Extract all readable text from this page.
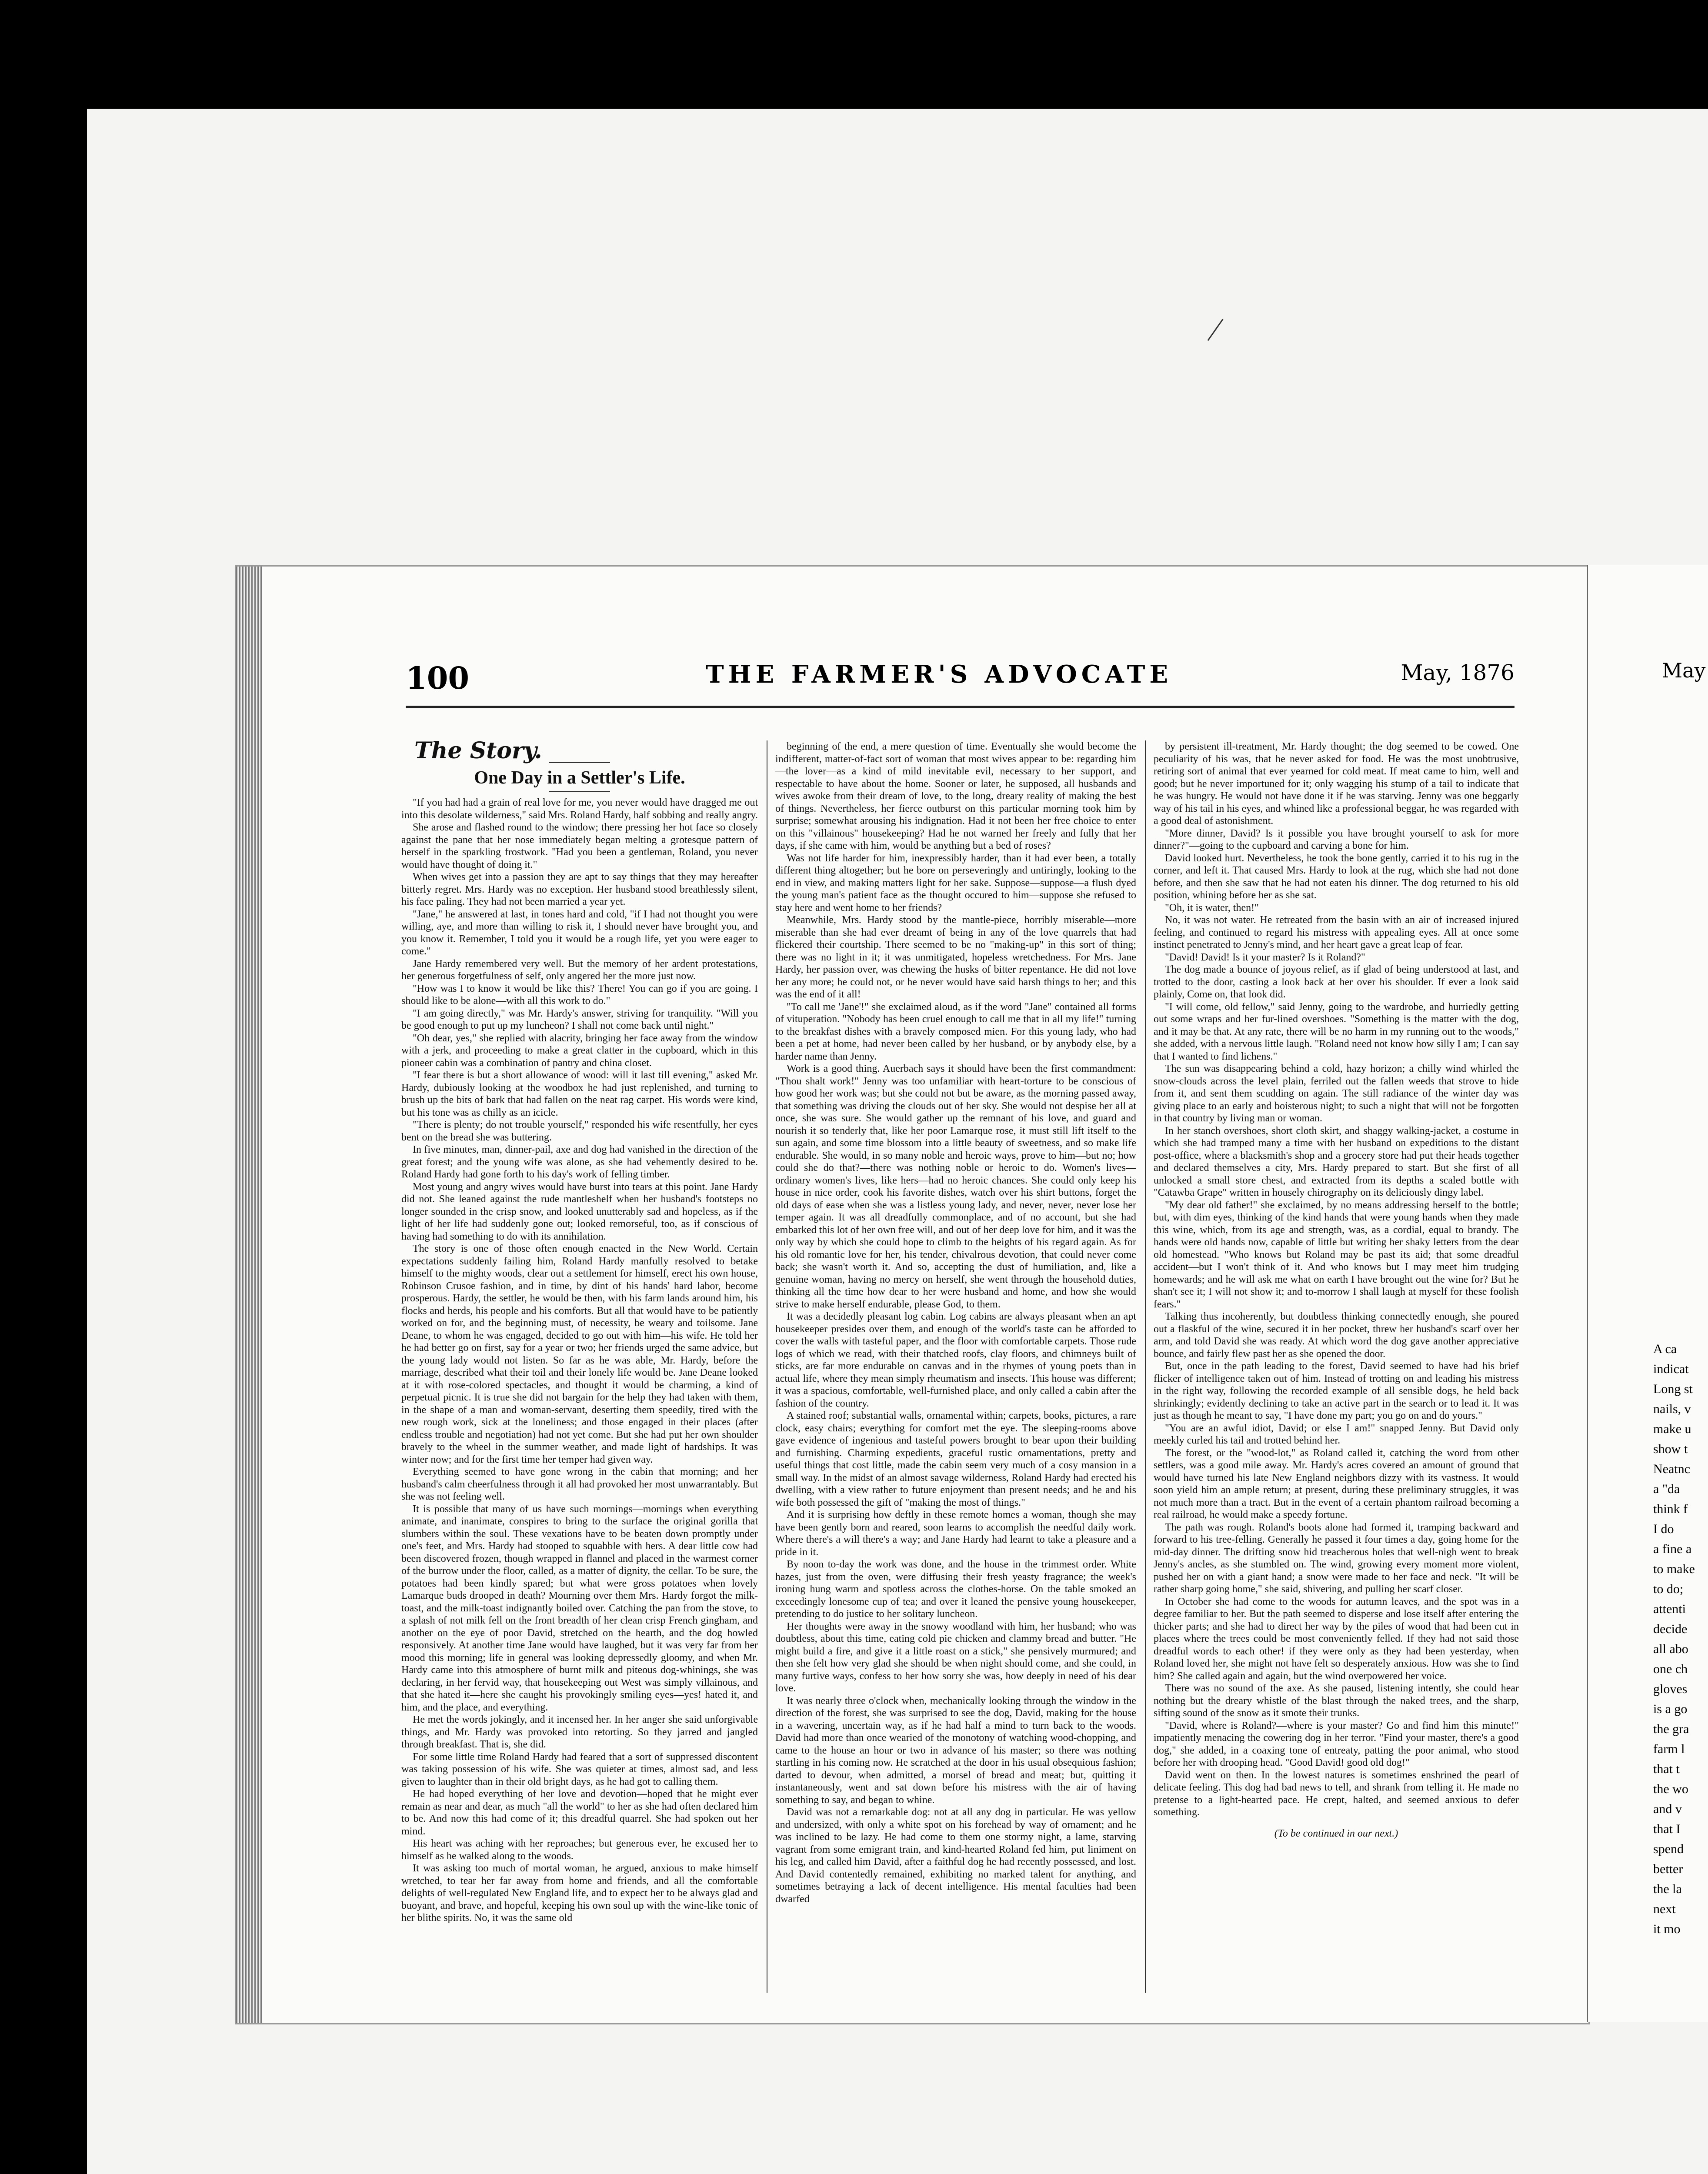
100	THE FARMER'S ADVOCATE	May, 1876
The Story.
One Day in a Settler's Life.

"If you had had a grain of real love for me, you never would have dragged me out into this desolate wilderness," said Mrs. Roland Hardy, half sobbing and really angry.

She arose and flashed round to the window; there pressing her hot face so closely against the pane that her nose immediately began melting a grotesque pattern of herself in the sparkling frostwork. "Had you been a gentleman, Roland, you never would have thought of doing it."

When wives get into a passion they are apt to say things that they may hereafter bitterly regret. Mrs. Hardy was no exception. Her husband stood breathlessly silent, his face paling. They had not been married a year yet.

"Jane," he answered at last, in tones hard and cold, "if I had not thought you were willing, aye, and more than willing to risk it, I should never have brought you, and you know it. Remember, I told you it would be a rough life, yet you were eager to come."

Jane Hardy remembered very well. But the memory of her ardent protestations, her generous forgetfulness of self, only angered her the more just now.

"How was I to know it would be like this? There! You can go if you are going. I should like to be alone—with all this work to do."

"I am going directly," was Mr. Hardy's answer, striving for tranquility. "Will you be good enough to put up my luncheon? I shall not come back until night."

"Oh dear, yes," she replied with alacrity, bringing her face away from the window with a jerk, and proceeding to make a great clatter in the cupboard, which in this pioneer cabin was a combination of pantry and china closet.

"I fear there is but a short allowance of wood: will it last till evening," asked Mr. Hardy, dubiously looking at the woodbox he had just replenished, and turning to brush up the bits of bark that had fallen on the neat rag carpet. His words were kind, but his tone was as chilly as an icicle.

"There is plenty; do not trouble yourself," responded his wife resentfully, her eyes bent on the bread she was buttering.

In five minutes, man, dinner-pail, axe and dog had vanished in the direction of the great forest; and the young wife was alone, as she had vehemently desired to be. Roland Hardy had gone forth to his day's work of felling timber.

Most young and angry wives would have burst into tears at this point. Jane Hardy did not. She leaned against the rude mantleshelf when her husband's footsteps no longer sounded in the crisp snow, and looked unutterably sad and hopeless, as if the light of her life had suddenly gone out; looked remorseful, too, as if conscious of having had something to do with its annihilation.

The story is one of those often enough enacted in the New World. Certain expectations suddenly failing him, Roland Hardy manfully resolved to betake himself to the mighty woods, clear out a settlement for himself, erect his own house, Robinson Crusoe fashion, and in time, by dint of his hands' hard labor, become prosperous. Hardy, the settler, he would be then, with his farm lands around him, his flocks and herds, his people and his comforts. But all that would have to be patiently worked on for, and the beginning must, of necessity, be weary and toilsome. Jane Deane, to whom he was engaged, decided to go out with him—his wife. He told her he had better go on first, say for a year or two; her friends urged the same advice, but the young lady would not listen. So far as he was able, Mr. Hardy, before the marriage, described what their toil and their lonely life would be. Jane Deane looked at it with rose-colored spectacles, and thought it would be charming, a kind of perpetual picnic. It is true she did not bargain for the help they had taken with them, in the shape of a man and woman-servant, deserting them speedily, tired with the new rough work, sick at the loneliness; and those engaged in their places (after endless trouble and negotiation) had not yet come. But she had put her own shoulder bravely to the wheel in the summer weather, and made light of hardships. It was winter now; and for the first time her temper had given way.

Everything seemed to have gone wrong in the cabin that morning; and her husband's calm cheerfulness through it all had provoked her most unwarrantably. But she was not feeling well.

It is possible that many of us have such mornings—mornings when everything animate, and inanimate, conspires to bring to the surface the original gorilla that slumbers within the soul. These vexations have to be beaten down promptly under one's feet, and Mrs. Hardy had stooped to squabble with hers. A dear little cow had been discovered frozen, though wrapped in flannel and placed in the warmest corner of the burrow under the floor, called, as a matter of dignity, the cellar. To be sure, the potatoes had been kindly spared; but what were gross potatoes when lovely Lamarque buds drooped in death? Mourning over them Mrs. Hardy forgot the milk-toast, and the milk-toast indignantly boiled over. Catching the pan from the stove, to a splash of not milk fell on the front breadth of her clean crisp French gingham, and another on the eye of poor David, stretched on the hearth, and the dog howled responsively. At another time Jane would have laughed, but it was very far from her mood this morning; life in general was looking depressedly gloomy, and when Mr. Hardy came into this atmosphere of burnt milk and piteous dog-whinings, she was declaring, in her fervid way, that housekeeping out West was simply villainous, and that she hated it—here she caught his provokingly smiling eyes—yes! hated it, and him, and the place, and everything.

He met the words jokingly, and it incensed her. In her anger she said unforgivable things, and Mr. Hardy was provoked into retorting. So they jarred and jangled through breakfast. That is, she did.

For some little time Roland Hardy had feared that a sort of suppressed discontent was taking possession of his wife. She was quieter at times, almost sad, and less given to laughter than in their old bright days, as he had got to calling them.

He had hoped everything of her love and devotion—hoped that he might ever remain as near and dear, as much "all the world" to her as she had often declared him to be. And now this had come of it; this dreadful quarrel. She had spoken out her mind.

His heart was aching with her reproaches; but generous ever, he excused her to himself as he walked along to the woods.

It was asking too much of mortal woman, he argued, anxious to make himself wretched, to tear her far away from home and friends, and all the comfortable delights of well-regulated New England life, and to expect her to be always glad and buoyant, and brave, and hopeful, keeping his own soul up with the wine-like tonic of her blithe spirits. No, it was the same old

beginning of the end, a mere question of time. Eventually she would become the indifferent, matter-of-fact sort of woman that most wives appear to be: regarding him—the lover—as a kind of mild inevitable evil, necessary to her support, and respectable to have about the home. Sooner or later, he supposed, all husbands and wives awoke from their dream of love, to the long, dreary reality of making the best of things. Nevertheless, her fierce outburst on this particular morning took him by surprise; somewhat arousing his indignation. Had it not been her free choice to enter on this "villainous" housekeeping? Had he not warned her freely and fully that her days, if she came with him, would be anything but a bed of roses?

Was not life harder for him, inexpressibly harder, than it had ever been, a totally different thing altogether; but he bore on perseveringly and untiringly, looking to the end in view, and making matters light for her sake. Suppose—suppose—a flush dyed the young man's patient face as the thought occured to him—suppose she refused to stay here and went home to her friends?

Meanwhile, Mrs. Hardy stood by the mantle-piece, horribly miserable—more miserable than she had ever dreamt of being in any of the love quarrels that had flickered their courtship. There seemed to be no "making-up" in this sort of thing; there was no light in it; it was unmitigated, hopeless wretchedness. For Mrs. Jane Hardy, her passion over, was chewing the husks of bitter repentance. He did not love her any more; he could not, or he never would have said harsh things to her; and this was the end of it all!

"To call me 'Jane'!" she exclaimed aloud, as if the word "Jane" contained all forms of vituperation. "Nobody has been cruel enough to call me that in all my life!" turning to the breakfast dishes with a bravely composed mien. For this young lady, who had been a pet at home, had never been called by her husband, or by anybody else, by a harder name than Jenny.

Work is a good thing. Auerbach says it should have been the first commandment: "Thou shalt work!" Jenny was too unfamiliar with heart-torture to be conscious of how good her work was; but she could not but be aware, as the morning passed away, that something was driving the clouds out of her sky. She would not despise her all at once, she was sure. She would gather up the remnant of his love, and guard and nourish it so tenderly that, like her poor Lamarque rose, it must still lift itself to the sun again, and some time blossom into a little beauty of sweetness, and so make life endurable. She would, in so many noble and heroic ways, prove to him—but no; how could she do that?—there was nothing noble or heroic to do. Women's lives—ordinary women's lives, like hers—had no heroic chances. She could only keep his house in nice order, cook his favorite dishes, watch over his shirt buttons, forget the old days of ease when she was a listless young lady, and never, never, never lose her temper again. It was all dreadfully commonplace, and of no account, but she had embarked this lot of her own free will, and out of her deep love for him, and it was the only way by which she could hope to climb to the heights of his regard again. As for his old romantic love for her, his tender, chivalrous devotion, that could never come back; she wasn't worth it. And so, accepting the dust of humiliation, and, like a genuine woman, having no mercy on herself, she went through the household duties, thinking all the time how dear to her were husband and home, and how she would strive to make herself endurable, please God, to them.

It was a decidedly pleasant log cabin. Log cabins are always pleasant when an apt housekeeper presides over them, and enough of the world's taste can be afforded to cover the walls with tasteful paper, and the floor with comfortable carpets. Those rude logs of which we read, with their thatched roofs, clay floors, and chimneys built of sticks, are far more endurable on canvas and in the rhymes of young poets than in actual life, where they mean simply rheumatism and insects. This house was different; it was a spacious, comfortable, well-furnished place, and only called a cabin after the fashion of the country.

A stained roof; substantial walls, ornamental within; carpets, books, pictures, a rare clock, easy chairs; everything for comfort met the eye. The sleeping-rooms above gave evidence of ingenious and tasteful powers brought to bear upon their building and furnishing. Charming expedients, graceful rustic ornamentations, pretty and useful things that cost little, made the cabin seem very much of a cosy mansion in a small way. In the midst of an almost savage wilderness, Roland Hardy had erected his dwelling, with a view rather to future enjoyment than present needs; and he and his wife both possessed the gift of "making the most of things."

And it is surprising how deftly in these remote homes a woman, though she may have been gently born and reared, soon learns to accomplish the needful daily work. Where there's a will there's a way; and Jane Hardy had learnt to take a pleasure and a pride in it.

By noon to-day the work was done, and the house in the trimmest order. White hazes, just from the oven, were diffusing their fresh yeasty fragrance; the week's ironing hung warm and spotless across the clothes-horse. On the table smoked an exceedingly lonesome cup of tea; and over it leaned the pensive young housekeeper, pretending to do justice to her solitary luncheon.

Her thoughts were away in the snowy woodland with him, her husband; who was doubtless, about this time, eating cold pie chicken and clammy bread and butter. "He might build a fire, and give it a little roast on a stick," she pensively murmured; and then she felt how very glad she should be when night should come, and she could, in many furtive ways, confess to her how sorry she was, how deeply in need of his dear love.

It was nearly three o'clock when, mechanically looking through the window in the direction of the forest, she was surprised to see the dog, David, making for the house in a wavering, uncertain way, as if he had half a mind to turn back to the woods. David had more than once wearied of the monotony of watching wood-chopping, and came to the house an hour or two in advance of his master; so there was nothing startling in his coming now. He scratched at the door in his usual obsequious fashion; darted to devour, when admitted, a morsel of bread and meat; but, quitting it instantaneously, went and sat down before his mistress with the air of having something to say, and began to whine.

David was not a remarkable dog: not at all any dog in particular. He was yellow and undersized, with only a white spot on his forehead by way of ornament; and he was inclined to be lazy. He had come to them one stormy night, a lame, starving vagrant from some emigrant train, and kind-hearted Roland fed him, put liniment on his leg, and called him David, after a faithful dog he had recently possessed, and lost. And David contentedly remained, exhibiting no marked talent for anything, and sometimes betraying a lack of decent intelligence. His mental faculties had been dwarfed

by persistent ill-treatment, Mr. Hardy thought; the dog seemed to be cowed. One peculiarity of his was, that he never asked for food. He was the most unobtrusive, retiring sort of animal that ever yearned for cold meat. If meat came to him, well and good; but he never importuned for it; only wagging his stump of a tail to indicate that he was hungry. He would not have done it if he was starving. Jenny was one beggarly way of his tail in his eyes, and whined like a professional beggar, he was regarded with a good deal of astonishment.

"More dinner, David? Is it possible you have brought yourself to ask for more dinner?"—going to the cupboard and carving a bone for him.

David looked hurt. Nevertheless, he took the bone gently, carried it to his rug in the corner, and left it. That caused Mrs. Hardy to look at the rug, which she had not done before, and then she saw that he had not eaten his dinner. The dog returned to his old position, whining before her as she sat.

"Oh, it is water, then!"

No, it was not water. He retreated from the basin with an air of increased injured feeling, and continued to regard his mistress with appealing eyes. All at once some instinct penetrated to Jenny's mind, and her heart gave a great leap of fear.

"David! David! Is it your master? Is it Roland?"

The dog made a bounce of joyous relief, as if glad of being understood at last, and trotted to the door, casting a look back at her over his shoulder. If ever a look said plainly, Come on, that look did.

"I will come, old fellow," said Jenny, going to the wardrobe, and hurriedly getting out some wraps and her fur-lined overshoes. "Something is the matter with the dog, and it may be that. At any rate, there will be no harm in my running out to the woods," she added, with a nervous little laugh. "Roland need not know how silly I am; I can say that I wanted to find lichens."

The sun was disappearing behind a cold, hazy horizon; a chilly wind whirled the snow-clouds across the level plain, ferriled out the fallen weeds that strove to hide from it, and sent them scudding on again. The still radiance of the winter day was giving place to an early and boisterous night; to such a night that will not be forgotten in that country by living man or woman.

In her stanch overshoes, short cloth skirt, and shaggy walking-jacket, a costume in which she had tramped many a time with her husband on expeditions to the distant post-office, where a blacksmith's shop and a grocery store had put their heads together and declared themselves a city, Mrs. Hardy prepared to start. But she first of all unlocked a small store chest, and extracted from its depths a scaled bottle with "Catawba Grape" written in housely chirography on its deliciously dingy label.

"My dear old father!" she exclaimed, by no means addressing herself to the bottle; but, with dim eyes, thinking of the kind hands that were young hands when they made this wine, which, from its age and strength, was, as a cordial, equal to brandy. The hands were old hands now, capable of little but writing her shaky letters from the dear old homestead. "Who knows but Roland may be past its aid; that some dreadful accident—but I won't think of it. And who knows but I may meet him trudging homewards; and he will ask me what on earth I have brought out the wine for? But he shan't see it; I will not show it; and to-morrow I shall laugh at myself for these foolish fears."

Talking thus incoherently, but doubtless thinking connectedly enough, she poured out a flaskful of the wine, secured it in her pocket, threw her husband's scarf over her arm, and told David she was ready. At which word the dog gave another appreciative bounce, and fairly flew past her as she opened the door.

But, once in the path leading to the forest, David seemed to have had his brief flicker of intelligence taken out of him. Instead of trotting on and leading his mistress in the right way, following the recorded example of all sensible dogs, he held back shrinkingly; evidently declining to take an active part in the search or to lead it. It was just as though he meant to say, "I have done my part; you go on and do yours."

"You are an awful idiot, David; or else I am!" snapped Jenny. But David only meekly curled his tail and trotted behind her.

The forest, or the "wood-lot," as Roland called it, catching the word from other settlers, was a good mile away. Mr. Hardy's acres covered an amount of ground that would have turned his late New England neighbors dizzy with its vastness. It would soon yield him an ample return; at present, during these preliminary struggles, it was not much more than a tract. But in the event of a certain phantom railroad becoming a real railroad, he would make a speedy fortune.

The path was rough. Roland's boots alone had formed it, tramping backward and forward to his tree-felling. Generally he passed it four times a day, going home for the mid-day dinner. The drifting snow hid treacherous holes that well-nigh went to break Jenny's ancles, as she stumbled on. The wind, growing every moment more violent, pushed her on with a giant hand; a snow were made to her face and neck. "It will be rather sharp going home," she said, shivering, and pulling her scarf closer.

In October she had come to the woods for autumn leaves, and the spot was in a degree familiar to her. But the path seemed to disperse and lose itself after entering the thicker parts; and she had to direct her way by the piles of wood that had been cut in places where the trees could be most conveniently felled. If they had not said those dreadful words to each other! if they were only as they had been yesterday, when Roland loved her, she might not have felt so desperately anxious. How was she to find him? She called again and again, but the wind overpowered her voice.

There was no sound of the axe. As she paused, listening intently, she could hear nothing but the dreary whistle of the blast through the naked trees, and the sharp, sifting sound of the snow as it smote their trunks.

"David, where is Roland?—where is your master? Go and find him this minute!" impatiently menacing the cowering dog in her terror. "Find your master, there's a good dog," she added, in a coaxing tone of entreaty, patting the poor animal, who stood before her with drooping head. "Good David! good old dog!"

David went on then. In the lowest natures is sometimes enshrined the pearl of delicate feeling. This dog had bad news to tell, and shrank from telling it. He made no pretense to a light-hearted pace. He crept, halted, and seemed anxious to defer something.

(To be continued in our next.)
May
A ca
indicat
Long st
nails, v
make u
show t
Neatnc
a "da
think f
I do
a fine a
to make
to do;
attenti
decide
all abo
one ch
gloves
is a go
the gra
farm l
that t
the wo
and v
that I
spend
better
the la
next
it mo
